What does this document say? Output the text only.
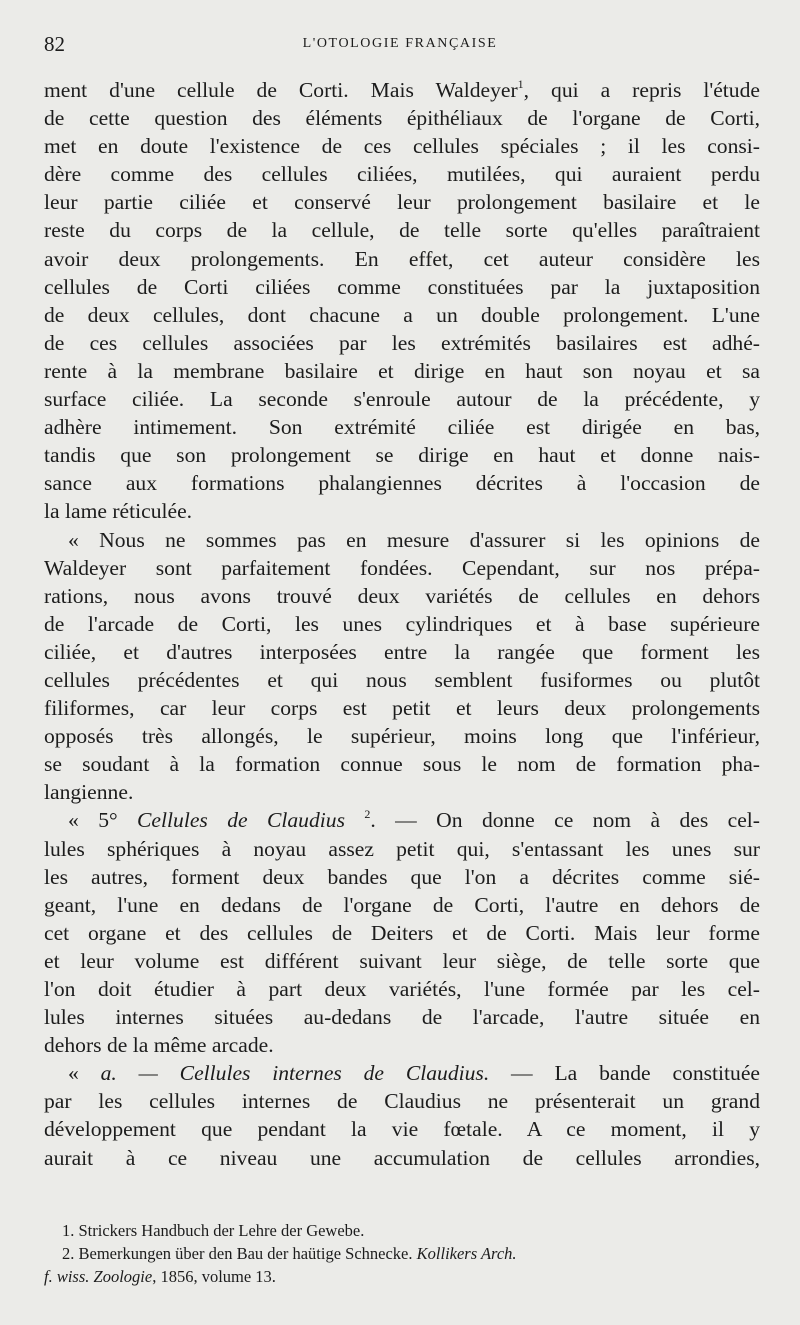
82	L'OTOLOGIE FRANÇAISE

ment d'une cellule de Corti. Mais Waldeyer$^1$, qui a repris l'étude

de cette question des éléments épithéliaux de l'organe de Corti,

met en doute l'existence de ces cellules spéciales ; il les consi-

dère comme des cellules ciliées, mutilées, qui auraient perdu

leur partie ciliée et conservé leur prolongement basilaire et le

reste du corps de la cellule, de telle sorte qu'elles paraîtraient

avoir deux prolongements. En effet, cet auteur considère les

cellules de Corti ciliées comme constituées par la juxtaposition

de deux cellules, dont chacune a un double prolongement. L'une

de ces cellules associées par les extrémités basilaires est adhé-

rente à la membrane basilaire et dirige en haut son noyau et sa

surface ciliée. La seconde s'enroule autour de la précédente, y

adhère intimement. Son extrémité ciliée est dirigée en bas,

tandis que son prolongement se dirige en haut et donne nais-

sance aux formations phalangiennes décrites à l'occasion de

la lame réticulée.

« Nous ne sommes pas en mesure d'assurer si les opinions de

Waldeyer sont parfaitement fondées. Cependant, sur nos prépa-

rations, nous avons trouvé deux variétés de cellules en dehors

de l'arcade de Corti, les unes cylindriques et à base supérieure

ciliée, et d'autres interposées entre la rangée que forment les

cellules précédentes et qui nous semblent fusiformes ou plutôt

filiformes, car leur corps est petit et leurs deux prolongements

opposés très allongés, le supérieur, moins long que l'inférieur,

se soudant à la formation connue sous le nom de formation pha-

langienne.

« 5° Cellules de Claudius $^2$. — On donne ce nom à des cel-

lules sphériques à noyau assez petit qui, s'entassant les unes sur

les autres, forment deux bandes que l'on a décrites comme sié-

geant, l'une en dedans de l'organe de Corti, l'autre en dehors de

cet organe et des cellules de Deiters et de Corti. Mais leur forme

et leur volume est différent suivant leur siège, de telle sorte que

l'on doit étudier à part deux variétés, l'une formée par les cel-

lules internes situées au-dedans de l'arcade, l'autre située en

dehors de la même arcade.

« a. — Cellules internes de Claudius. — La bande constituée

par les cellules internes de Claudius ne présenterait un grand

développement que pendant la vie fœtale. A ce moment, il y

aurait à ce niveau une accumulation de cellules arrondies,

1. Strickers Handbuch der Lehre der Gewebe.

2. Bemerkungen über den Bau der haütige Schnecke. Kollikers Arch.
f. wiss. Zoologie, 1856, volume 13.
